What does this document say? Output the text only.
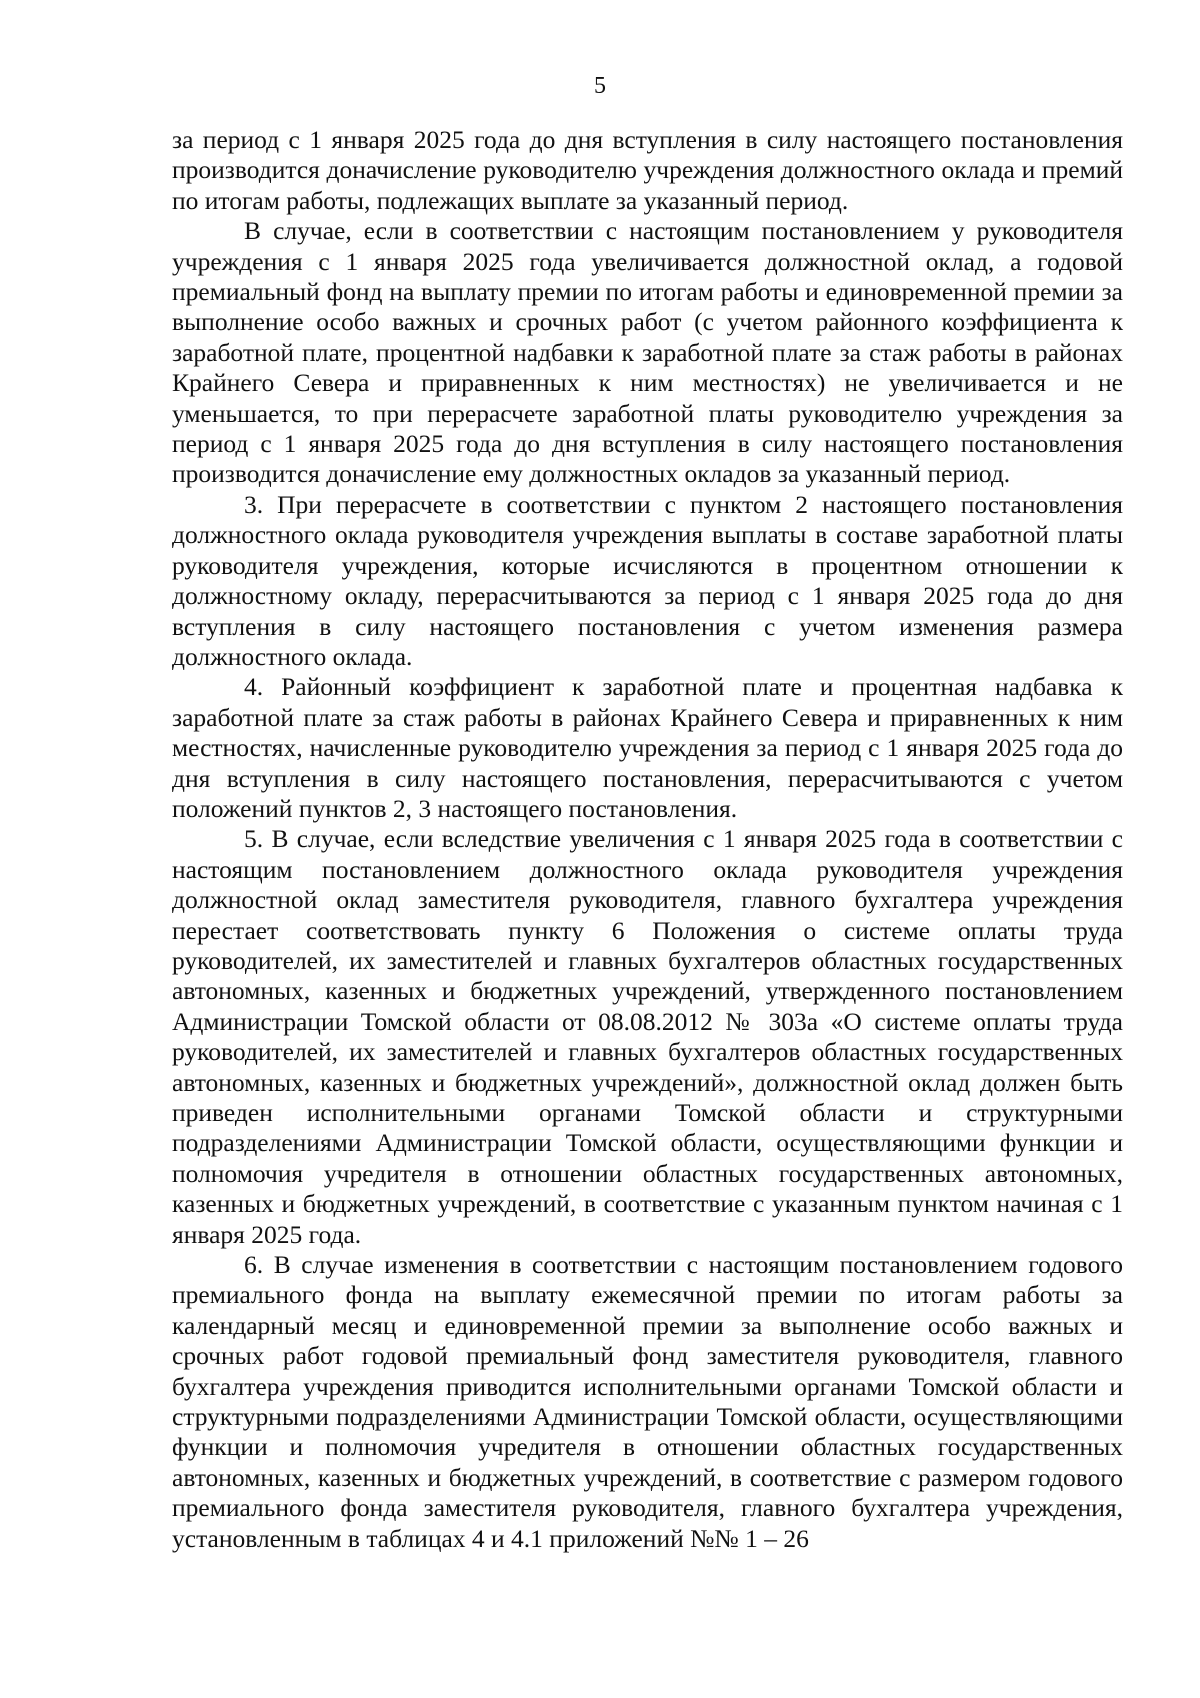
5

за период с 1 января 2025 года до дня вступления в силу настоящего постановления производится доначисление руководителю учреждения должностного оклада и премий по итогам работы, подлежащих выплате за указанный период.

В случае, если в соответствии с настоящим постановлением у руководителя учреждения с 1 января 2025 года увеличивается должностной оклад, а годовой премиальный фонд на выплату премии по итогам работы и единовременной премии за выполнение особо важных и срочных работ (с учетом районного коэффициента к заработной плате, процентной надбавки к заработной плате за стаж работы в районах Крайнего Севера и приравненных к ним местностях) не увеличивается и не уменьшается, то при перерасчете заработной платы руководителю учреждения за период с 1 января 2025 года до дня вступления в силу настоящего постановления производится доначисление ему должностных окладов за указанный период.

3. При перерасчете в соответствии с пунктом 2 настоящего постановления должностного оклада руководителя учреждения выплаты в составе заработной платы руководителя учреждения, которые исчисляются в процентном отношении к должностному окладу, перерасчитываются за период с 1 января 2025 года до дня вступления в силу настоящего постановления с учетом изменения размера должностного оклада.

4. Районный коэффициент к заработной плате и процентная надбавка к заработной плате за стаж работы в районах Крайнего Севера и приравненных к ним местностях, начисленные руководителю учреждения за период с 1 января 2025 года до дня вступления в силу настоящего постановления, перерасчитываются с учетом положений пунктов 2, 3 настоящего постановления.

5. В случае, если вследствие увеличения с 1 января 2025 года в соответствии с настоящим постановлением должностного оклада руководителя учреждения должностной оклад заместителя руководителя, главного бухгалтера учреждения перестает соответствовать пункту 6 Положения о системе оплаты труда руководителей, их заместителей и главных бухгалтеров областных государственных автономных, казенных и бюджетных учреждений, утвержденного постановлением Администрации Томской области от 08.08.2012 № 303а «О системе оплаты труда руководителей, их заместителей и главных бухгалтеров областных государственных автономных, казенных и бюджетных учреждений», должностной оклад должен быть приведен исполнительными органами Томской области и структурными подразделениями Администрации Томской области, осуществляющими функции и полномочия учредителя в отношении областных государственных автономных, казенных и бюджетных учреждений, в соответствие с указанным пунктом начиная с 1 января 2025 года.

6. В случае изменения в соответствии с настоящим постановлением годового премиального фонда на выплату ежемесячной премии по итогам работы за календарный месяц и единовременной премии за выполнение особо важных и срочных работ годовой премиальный фонд заместителя руководителя, главного бухгалтера учреждения приводится исполнительными органами Томской области и структурными подразделениями Администрации Томской области, осуществляющими функции и полномочия учредителя в отношении областных государственных автономных, казенных и бюджетных учреждений, в соответствие с размером годового премиального фонда заместителя руководителя, главного бухгалтера учреждения, установленным в таблицах 4 и 4.1 приложений №№ 1 – 26
